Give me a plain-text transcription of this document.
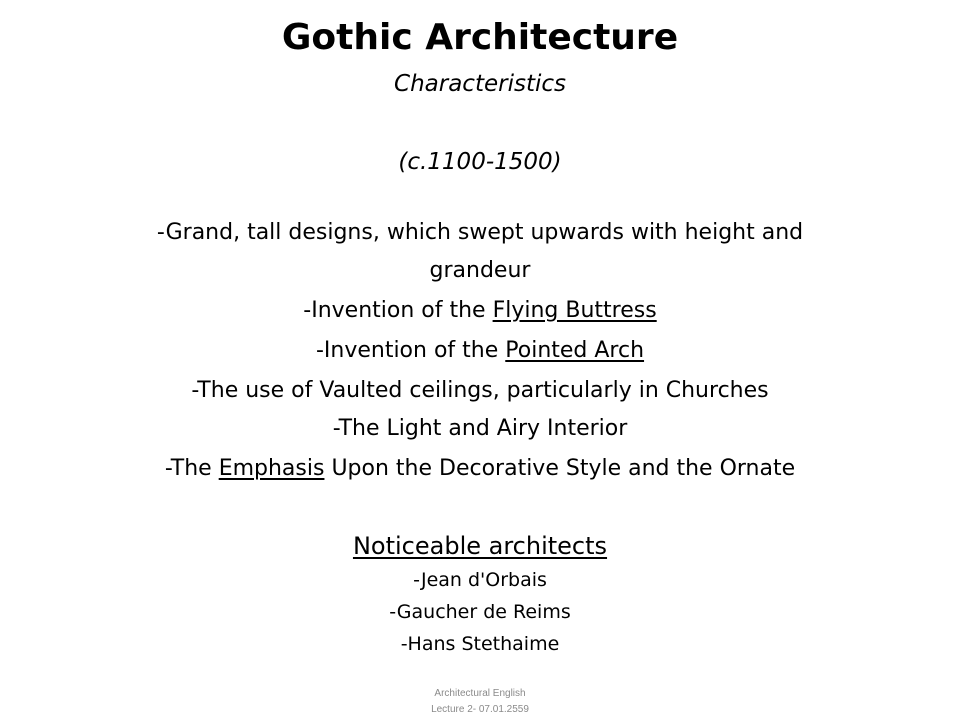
Gothic Architecture
Characteristics
(c.1100-1500)
-Grand, tall designs, which swept upwards with height and
grandeur
-Invention of the Flying Buttress
-Invention of the Pointed Arch
-The use of Vaulted ceilings, particularly in Churches
-The Light and Airy Interior
-The Emphasis Upon the Decorative Style and the Ornate
Noticeable architects
-Jean d'Orbais
-Gaucher de Reims
-Hans Stethaime
Architectural English
Lecture 2- 07.01.2559
